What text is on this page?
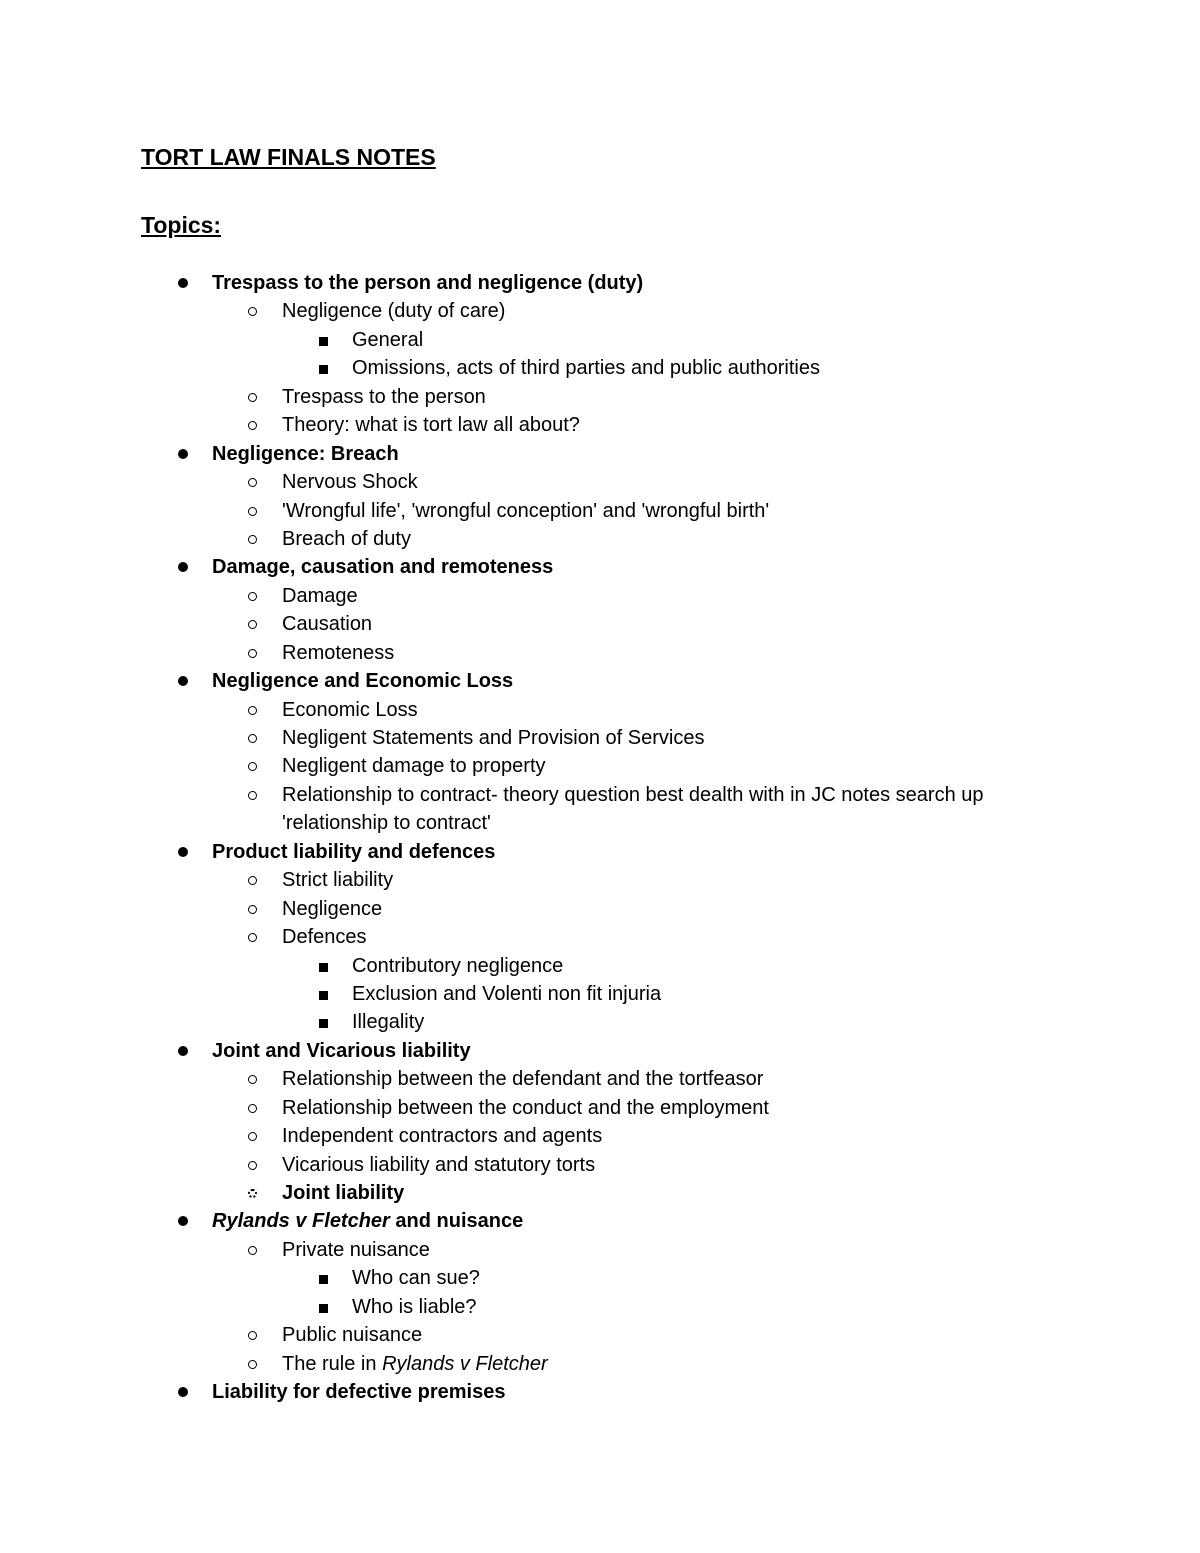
TORT LAW FINALS NOTES
Topics:
Trespass to the person and negligence (duty)
Negligence (duty of care)
General
Omissions, acts of third parties and public authorities
Trespass to the person
Theory: what is tort law all about?
Negligence: Breach
Nervous Shock
'Wrongful life', 'wrongful conception' and 'wrongful birth'
Breach of duty
Damage, causation and remoteness
Damage
Causation
Remoteness
Negligence and Economic Loss
Economic Loss
Negligent Statements and Provision of Services
Negligent damage to property
Relationship to contract- theory question best dealth with in JC notes search up 'relationship to contract'
Product liability and defences
Strict liability
Negligence
Defences
Contributory negligence
Exclusion and Volenti non fit injuria
Illegality
Joint and Vicarious liability
Relationship between the defendant and the tortfeasor
Relationship between the conduct and the employment
Independent contractors and agents
Vicarious liability and statutory torts
Joint liability
Rylands v Fletcher and nuisance
Private nuisance
Who can sue?
Who is liable?
Public nuisance
The rule in Rylands v Fletcher
Liability for defective premises
